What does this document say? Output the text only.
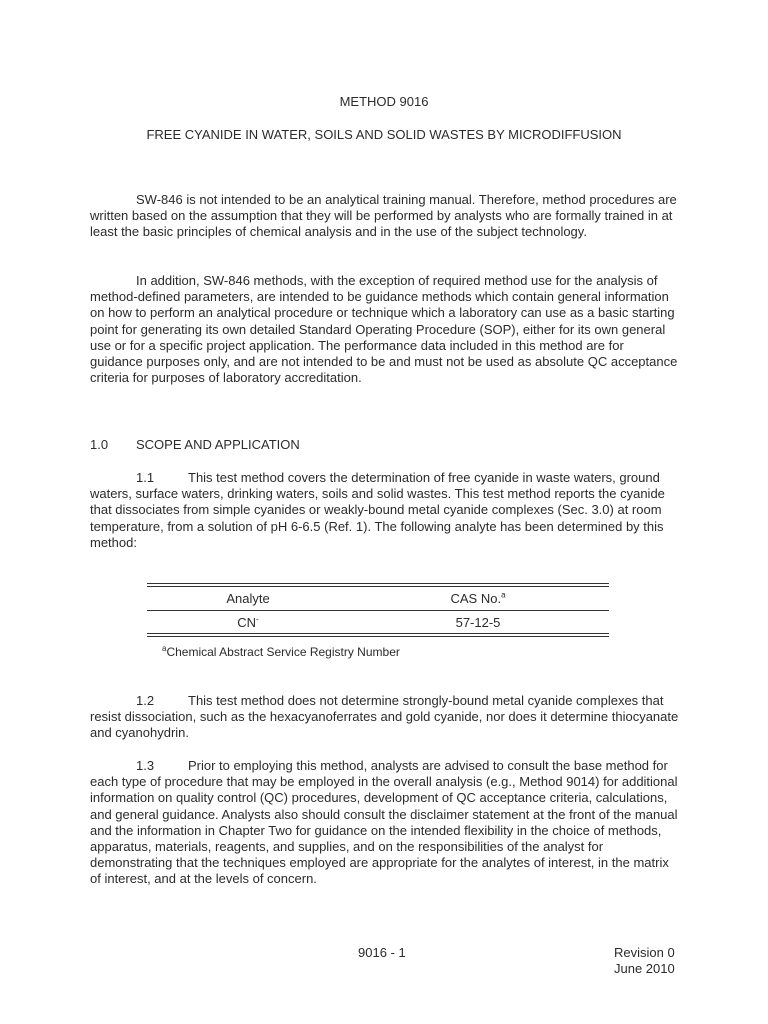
METHOD 9016
FREE CYANIDE IN WATER, SOILS AND SOLID WASTES BY MICRODIFFUSION

SW-846 is not intended to be an analytical training manual. Therefore, method procedures are written based on the assumption that they will be performed by analysts who are formally trained in at least the basic principles of chemical analysis and in the use of the subject technology.

In addition, SW-846 methods, with the exception of required method use for the analysis of method-defined parameters, are intended to be guidance methods which contain general information on how to perform an analytical procedure or technique which a laboratory can use as a basic starting point for generating its own detailed Standard Operating Procedure (SOP), either for its own general use or for a specific project application. The performance data included in this method are for guidance purposes only, and are not intended to be and must not be used as absolute QC acceptance criteria for purposes of laboratory accreditation.

1.0 SCOPE AND APPLICATION

1.1	This test method covers the determination of free cyanide in waste waters, ground waters, surface waters, drinking waters, soils and solid wastes. This test method reports the cyanide that dissociates from simple cyanides or weakly-bound metal cyanide complexes (Sec. 3.0) at room temperature, from a solution of pH 6-6.5 (Ref. 1). The following analyte has been determined by this method:

Analyte	CAS No.$^a$
CN-	57-12-5
$^a$Chemical Abstract Service Registry Number

1.2	This test method does not determine strongly-bound metal cyanide complexes that resist dissociation, such as the hexacyanoferrates and gold cyanide, nor does it determine thiocyanate and cyanohydrin.

1.3	Prior to employing this method, analysts are advised to consult the base method for each type of procedure that may be employed in the overall analysis (e.g., Method 9014) for additional information on quality control (QC) procedures, development of QC acceptance criteria, calculations, and general guidance. Analysts also should consult the disclaimer statement at the front of the manual and the information in Chapter Two for guidance on the intended flexibility in the choice of methods, apparatus, materials, reagents, and supplies, and on the responsibilities of the analyst for demonstrating that the techniques employed are appropriate for the analytes of interest, in the matrix of interest, and at the levels of concern.

9016 - 1	Revision 0
June 2010
